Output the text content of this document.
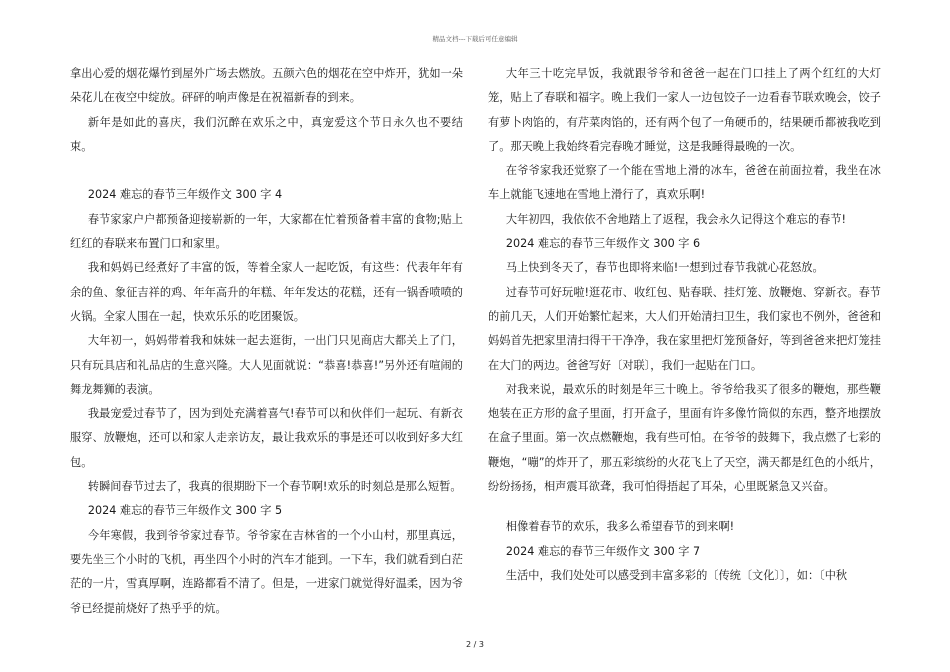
精品文档---下载后可任意编辑

拿出心爱的烟花爆竹到屋外广场去燃放。五颜六色的烟花在空中炸开，犹如一朵朵花儿在夜空中绽放。砰砰的响声像是在祝福新春的到来。

新年是如此的喜庆，我们沉醉在欢乐之中，真宠爱这个节日永久也不要结束。

2024 难忘的春节三年级作文 300 字 4

春节家家户户都预备迎接崭新的一年，大家都在忙着预备着丰富的食物;贴上红红的春联来布置门口和家里。

我和妈妈已经煮好了丰富的饭，等着全家人一起吃饭，有这些：代表年年有余的鱼、象征吉祥的鸡、年年高升的年糕、年年发达的花糕，还有一锅香喷喷的火锅。全家人围在一起，快欢乐乐的吃团聚饭。

大年初一，妈妈带着我和妹妹一起去逛街，一出门只见商店大都关上了门，只有玩具店和礼品店的生意兴隆。大人见面就说：“恭喜!恭喜!”另外还有喧闹的舞龙舞狮的表演。

我最宠爱过春节了，因为到处充满着喜气!春节可以和伙伴们一起玩、有新衣服穿、放鞭炮，还可以和家人走亲访友，最让我欢乐的事是还可以收到好多大红包。

转瞬间春节过去了，我真的很期盼下一个春节啊!欢乐的时刻总是那么短暂。

2024 难忘的春节三年级作文 300 字 5

今年寒假，我到爷爷家过春节。爷爷家在吉林省的一个小山村，那里真远，要先坐三个小时的飞机，再坐四个小时的汽车才能到。一下车，我们就看到白茫茫的一片，雪真厚啊，连路都看不清了。但是，一进家门就觉得好温柔，因为爷爷已经提前烧好了热乎乎的炕。

大年三十吃完早饭，我就跟爷爷和爸爸一起在门口挂上了两个红红的大灯笼，贴上了春联和福字。晚上我们一家人一边包饺子一边看春节联欢晚会，饺子有萝卜肉馅的，有芹菜肉馅的，还有两个包了一角硬币的，结果硬币都被我吃到了。那天晚上我始终看完春晚才睡觉，这是我睡得最晚的一次。

在爷爷家我还觉察了一个能在雪地上滑的冰车，爸爸在前面拉着，我坐在冰车上就能飞速地在雪地上滑行了，真欢乐啊!

大年初四，我依依不舍地踏上了返程，我会永久记得这个难忘的春节!

2024 难忘的春节三年级作文 300 字 6

马上快到冬天了，春节也即将来临!一想到过春节我就心花怒放。

过春节可好玩啦!逛花市、收红包、贴春联、挂灯笼、放鞭炮、穿新衣。春节的前几天，人们开始繁忙起来，大人们开始清扫卫生，我们家也不例外，爸爸和妈妈首先把家里清扫得干干净净，我在家里把灯笼预备好，等到爸爸来把灯笼挂在大门的两边。爸爸写好〔对联〕，我们一起贴在门口。

对我来说，最欢乐的时刻是年三十晚上。爷爷给我买了很多的鞭炮，那些鞭炮装在正方形的盒子里面，打开盒子，里面有许多像竹筒似的东西，整齐地摆放在盒子里面。第一次点燃鞭炮，我有些可怕。在爷爷的鼓舞下，我点燃了七彩的鞭炮，“嘣”的炸开了，那五彩缤纷的火花飞上了天空，满天都是红色的小纸片，纷纷扬扬，相声震耳欲聋，我可怕得捂起了耳朵，心里既紧急又兴奋。

相像着春节的欢乐，我多么希望春节的到来啊!

2024 难忘的春节三年级作文 300 字 7

生活中，我们处处可以感受到丰富多彩的〔传统〔文化〕〕，如：〔中秋

2 / 3
